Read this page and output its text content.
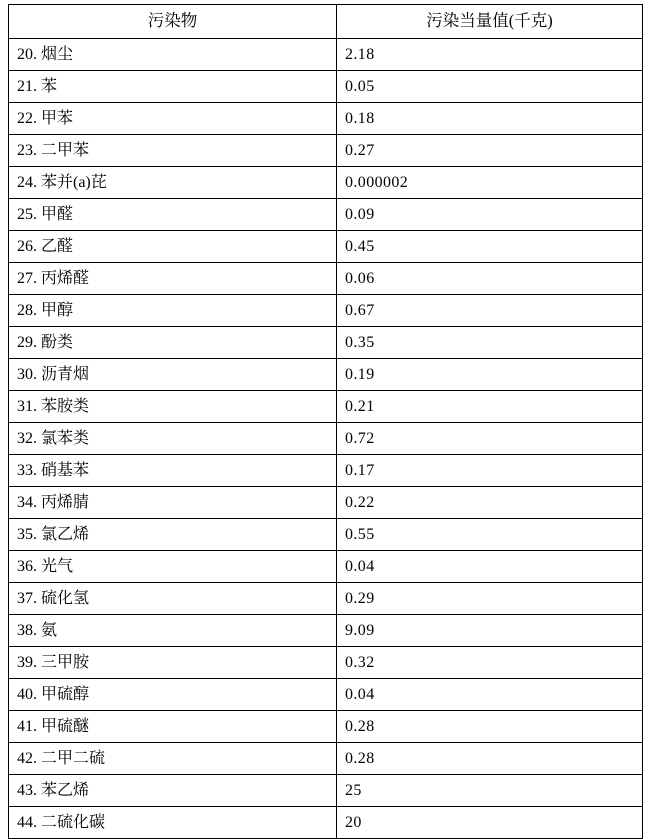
污染物	污染当量值(千克)
20. 烟尘	2.18
21. 苯	0.05
22. 甲苯	0.18
23. 二甲苯	0.27
24. 苯并(a)芘	0.000002
25. 甲醛	0.09
26. 乙醛	0.45
27. 丙烯醛	0.06
28. 甲醇	0.67
29. 酚类	0.35
30. 沥青烟	0.19
31. 苯胺类	0.21
32. 氯苯类	0.72
33. 硝基苯	0.17
34. 丙烯腈	0.22
35. 氯乙烯	0.55
36. 光气	0.04
37. 硫化氢	0.29
38. 氨	9.09
39. 三甲胺	0.32
40. 甲硫醇	0.04
41. 甲硫醚	0.28
42. 二甲二硫	0.28
43. 苯乙烯	25
44. 二硫化碳	20
